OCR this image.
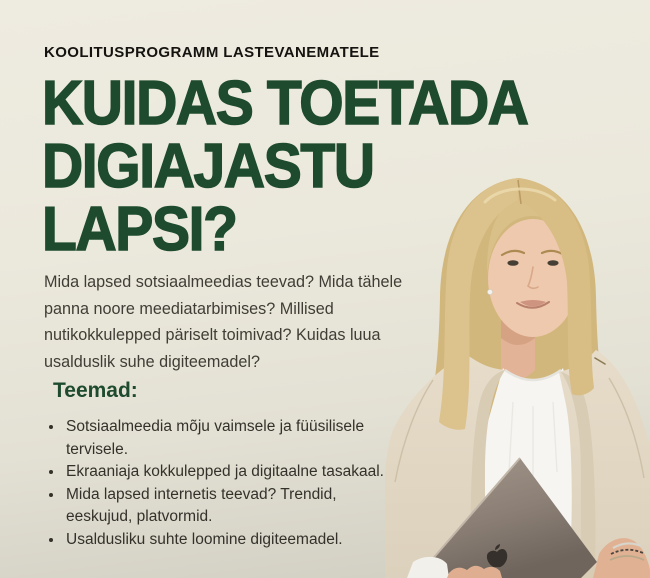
KOOLITUSPROGRAMM LASTEVANEMATELE
KUIDAS TOETADA
DIGIAJASTU
LAPSI?
Mida lapsed sotsiaalmeedias teevad? Mida tähele panna noore meediatarbimises? Millised nutikokkulepped päriselt toimivad? Kuidas luua usalduslik suhe digiteemadel?
Teemad:
• Sotsiaalmeedia mõju vaimsele ja füüsilisele tervisele.
• Ekraaniaja kokkulepped ja digitaalne tasakaal.
• Mida lapsed internetis teevad? Trendid, eeskujud, platvormid.
• Usaldusliku suhte loomine digiteemadel.
